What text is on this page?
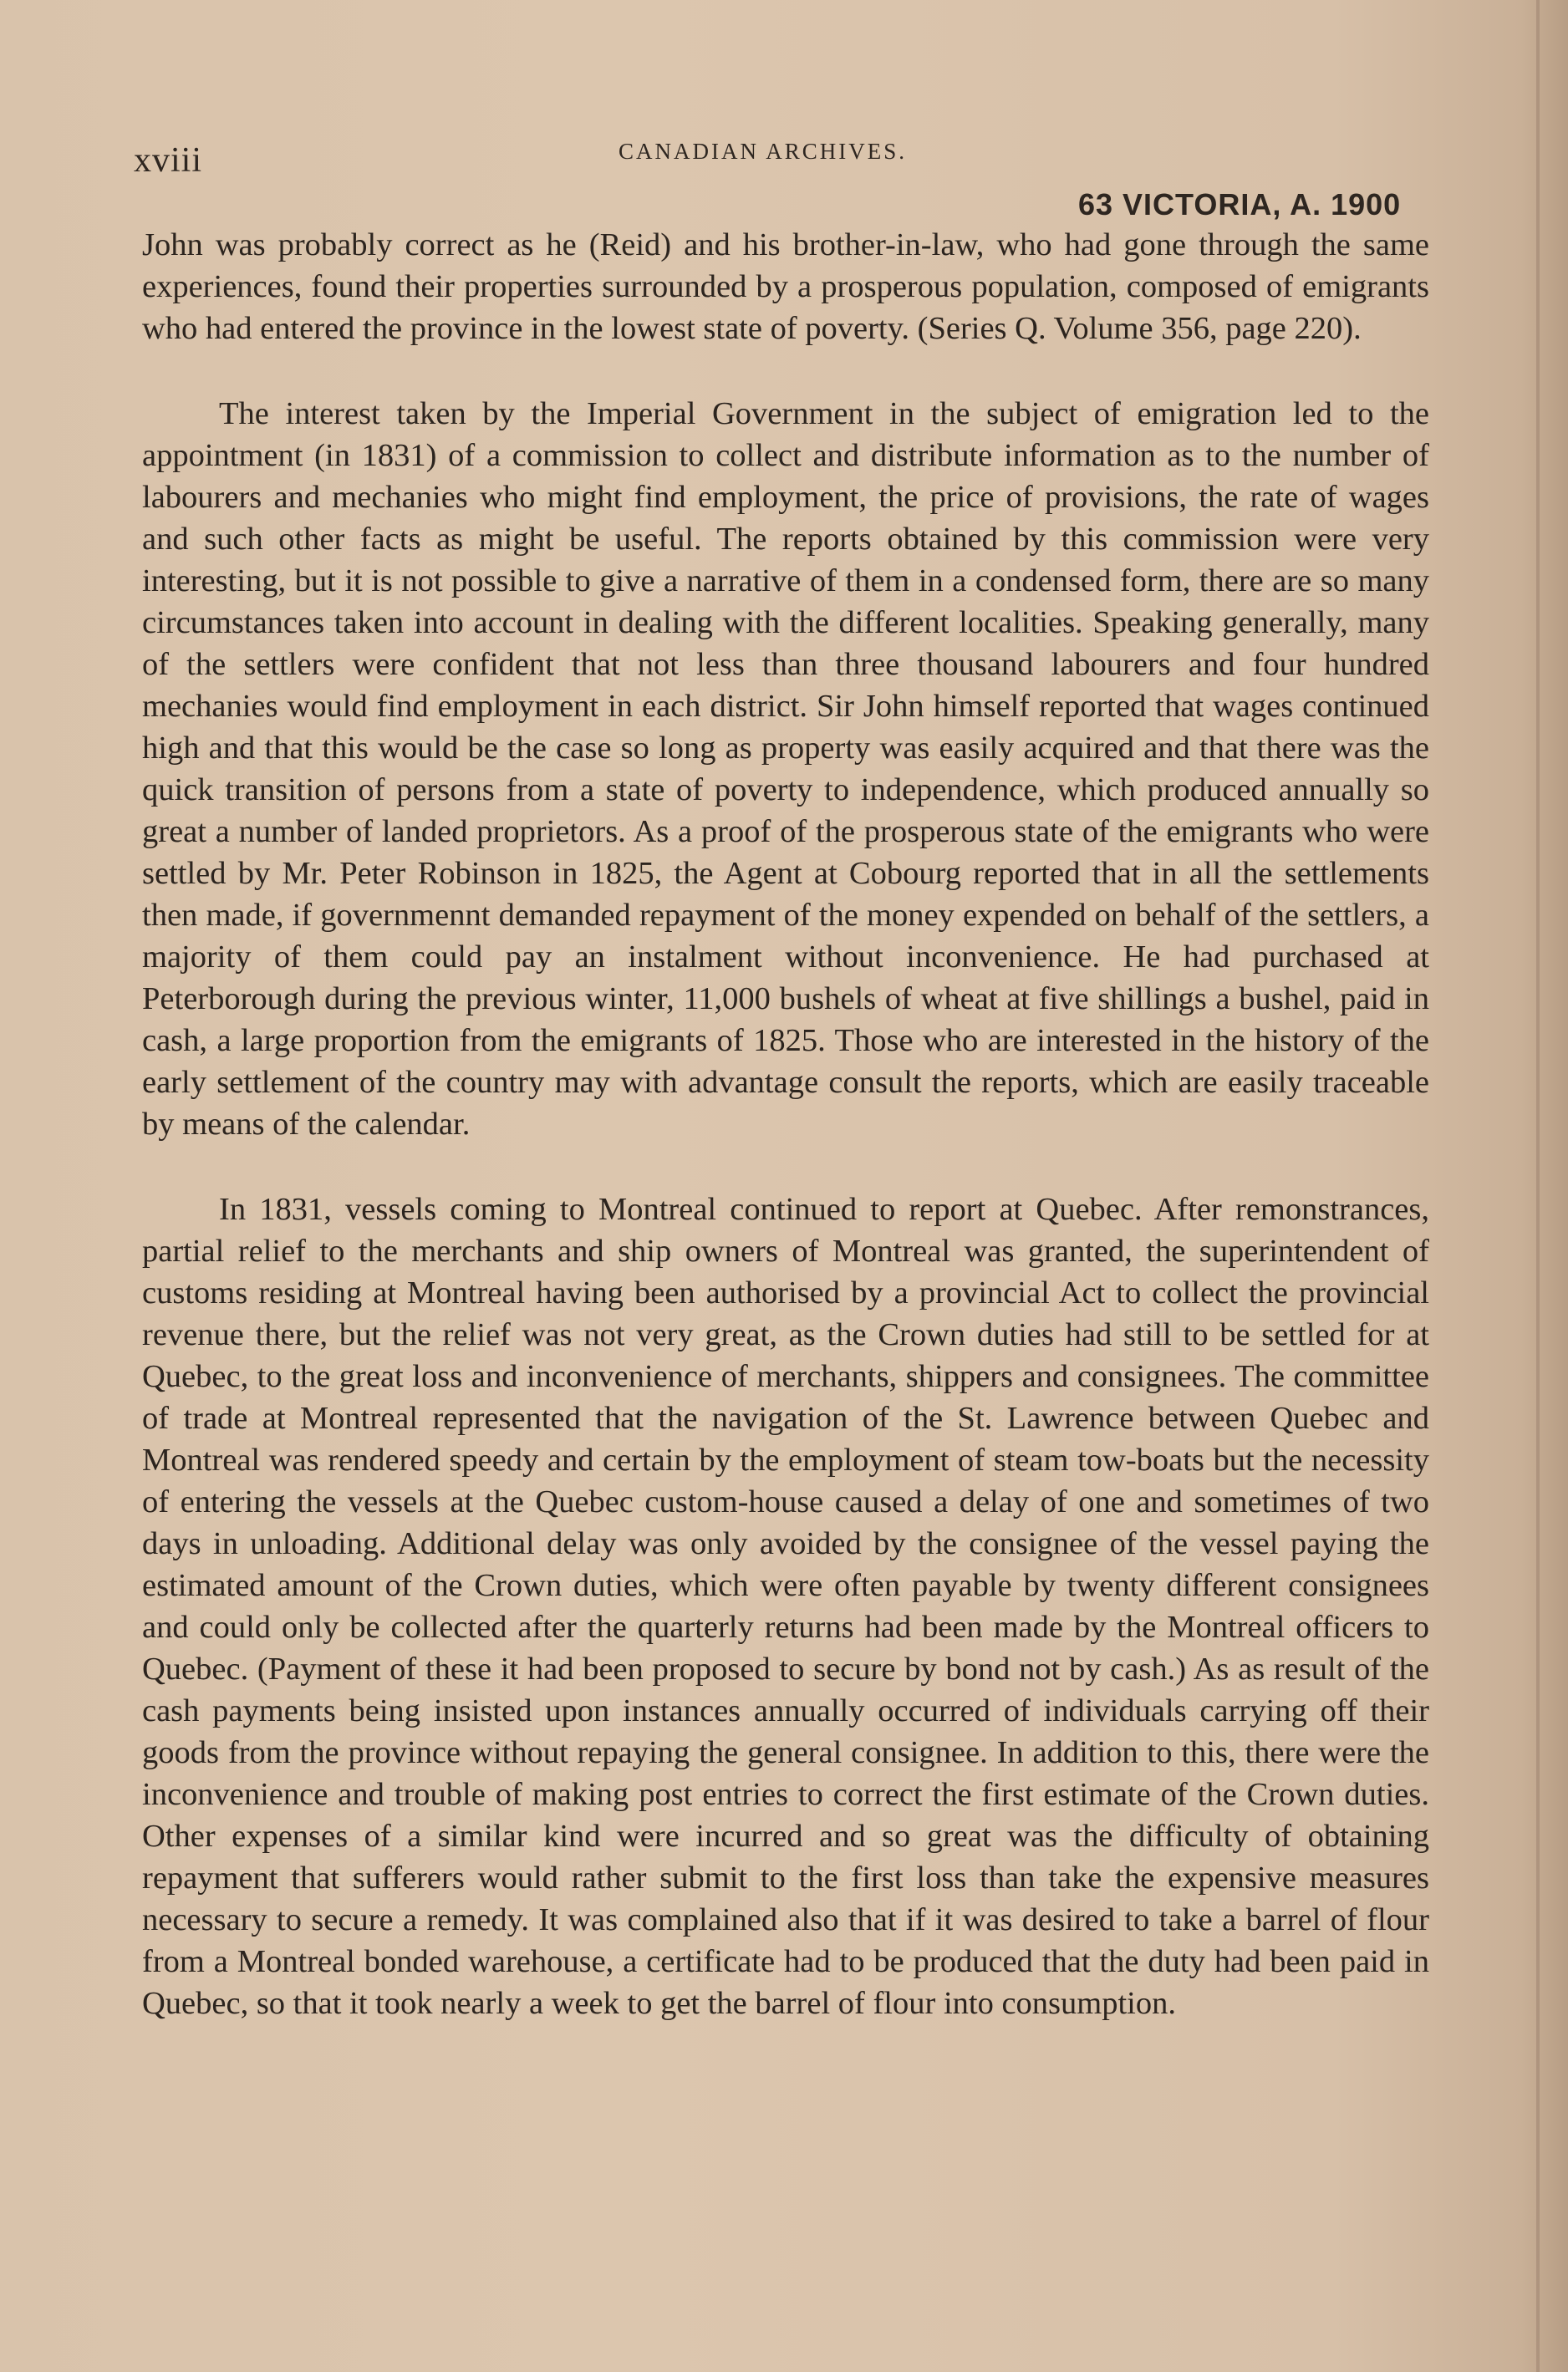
xviii	CANADIAN ARCHIVES.
63 VICTORIA, A. 1900

John was probably correct as he (Reid) and his brother-in-law, who had gone through the same experiences, found their properties surrounded by a prosperous population, composed of emigrants who had entered the province in the lowest state of poverty. (Series Q. Volume 356, page 220).

The interest taken by the Imperial Government in the subject of emigration led to the appointment (in 1831) of a commission to collect and distribute information as to the number of labourers and mechanies who might find employment, the price of provisions, the rate of wages and such other facts as might be useful. The reports obtained by this commission were very interesting, but it is not possible to give a narrative of them in a condensed form, there are so many circumstances taken into account in dealing with the different localities. Speaking generally, many of the settlers were confident that not less than three thousand labourers and four hundred mechanies would find employment in each district. Sir John himself reported that wages continued high and that this would be the case so long as property was easily acquired and that there was the quick transition of persons from a state of poverty to independence, which produced annually so great a number of landed proprietors. As a proof of the prosperous state of the emigrants who were settled by Mr. Peter Robinson in 1825, the Agent at Cobourg reported that in all the settlements then made, if governmennt demanded repayment of the money expended on behalf of the settlers, a majority of them could pay an instalment without inconvenience. He had purchased at Peterborough during the previous winter, 11,000 bushels of wheat at five shillings a bushel, paid in cash, a large proportion from the emigrants of 1825. Those who are interested in the history of the early settlement of the country may with advantage consult the reports, which are easily traceable by means of the calendar.

In 1831, vessels coming to Montreal continued to report at Quebec. After remonstrances, partial relief to the merchants and ship owners of Montreal was granted, the superintendent of customs residing at Montreal having been authorised by a provincial Act to collect the provincial revenue there, but the relief was not very great, as the Crown duties had still to be settled for at Quebec, to the great loss and inconvenience of merchants, shippers and consignees. The committee of trade at Montreal represented that the navigation of the St. Lawrence between Quebec and Montreal was rendered speedy and certain by the employment of steam tow-boats but the necessity of entering the vessels at the Quebec custom-house caused a delay of one and sometimes of two days in unloading. Additional delay was only avoided by the consignee of the vessel paying the estimated amount of the Crown duties, which were often payable by twenty different consignees and could only be collected after the quarterly returns had been made by the Montreal officers to Quebec. (Payment of these it had been proposed to secure by bond not by cash.) As as result of the cash payments being insisted upon instances annually occurred of individuals carrying off their goods from the province without repaying the general consignee. In addition to this, there were the inconvenience and trouble of making post entries to correct the first estimate of the Crown duties. Other expenses of a similar kind were incurred and so great was the difficulty of obtaining repayment that sufferers would rather submit to the first loss than take the expensive measures necessary to secure a remedy. It was complained also that if it was desired to take a barrel of flour from a Montreal bonded warehouse, a certificate had to be produced that the duty had been paid in Quebec, so that it took nearly a week to get the barrel of flour into consumption.
